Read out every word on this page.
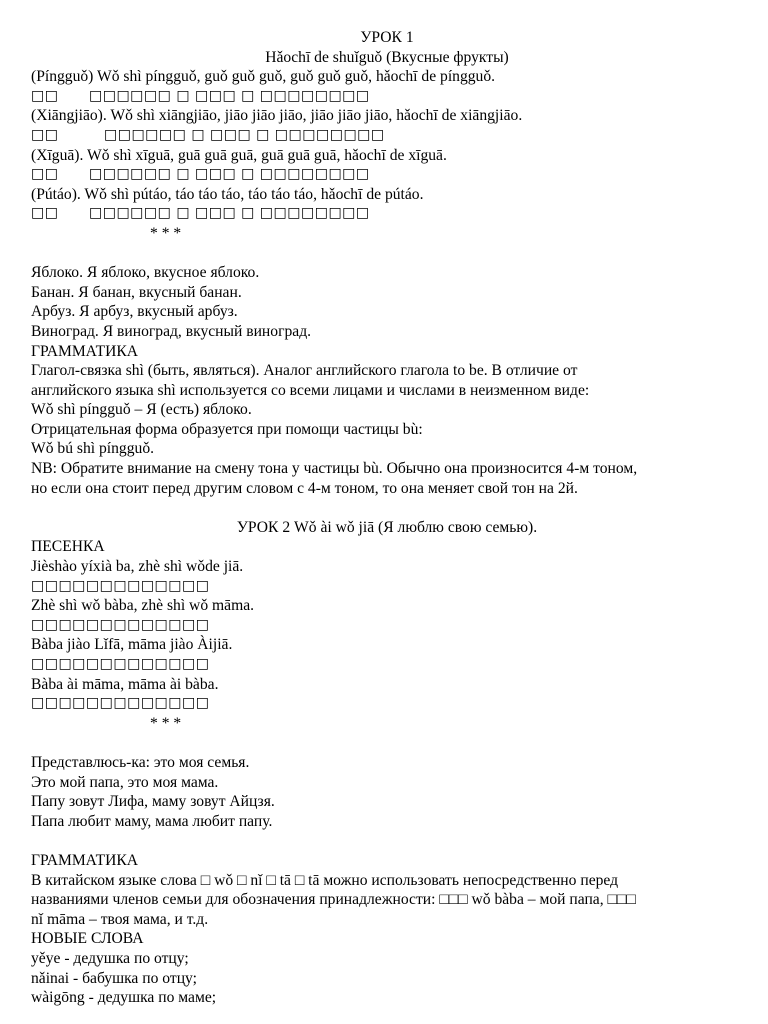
УРОК 1
Hǎochī de shuǐguǒ (Вкусные фрукты)
(Píngguǒ) Wǒ shì píngguǒ, guǒ guǒ guǒ, guǒ guǒ guǒ, hǎochī de píngguǒ.
□□ □□□□□□ □ □□□ □ □□□□□□□□
(Xiāngjiāo). Wǒ shì xiāngjiāo, jiāo jiāo jiāo, jiāo jiāo jiāo, hǎochī de xiāngjiāo.
□□	□□□□□□ □ □□□ □ □□□□□□□□
(Xīguā). Wǒ shì xīguā, guā guā guā, guā guā guā, hǎochī de xīguā.
□□ □□□□□□ □ □□□ □ □□□□□□□□
(Pútáo). Wǒ shì pútáo, táo táo táo, táo táo táo, hǎochī de pútáo.
□□ □□□□□□ □ □□□ □ □□□□□□□□
* * *
Яблоко. Я яблоко, вкусное яблоко.
Банан. Я банан, вкусный банан.
Арбуз. Я арбуз, вкусный арбуз.
Виноград. Я виноград, вкусный виноград.
ГРАММАТИКА
Глагол-связка shì (быть, являться). Аналог английского глагола to be. В отличие от
английского языка shì используется со всеми лицами и числами в неизменном виде:
Wǒ shì píngguǒ – Я (есть) яблоко.
Отрицательная форма образуется при помощи частицы bù:
Wǒ bú shì píngguǒ.
NB: Обратите внимание на смену тона у частицы bù. Обычно она произносится 4-м тоном,
но если она стоит перед другим словом с 4-м тоном, то она меняет свой тон на 2й.
УРОК 2 Wǒ ài wǒ jiā (Я люблю свою семью).
ПЕСЕНКА
Jièshào yíxià ba, zhè shì wǒde jiā.
□□□□□□□□□□□□□
Zhè shì wǒ bàba, zhè shì wǒ māma.
□□□□□□□□□□□□□
Bàba jiào Lǐfā, māma jiào Àijiā.
□□□□□□□□□□□□□
Bàba ài māma, māma ài bàba.
□□□□□□□□□□□□□
* * *
Представлюсь-ка: это моя семья.
Это мой папа, это моя мама.
Папу зовут Лифа, маму зовут Айцзя.
Папа любит маму, мама любит папу.
ГРАММАТИКА
В китайском языке слова □ wǒ □ nǐ □ tā □ tā можно использовать непосредственно перед
названиями членов семьи для обозначения принадлежности: □□□ wǒ bàba – мой папа, □□□
nǐ māma – твоя мама, и т.д.
НОВЫЕ СЛОВА
yěye - дедушка по отцу;
nǎinai - бабушка по отцу;
wàigōng - дедушка по маме;
